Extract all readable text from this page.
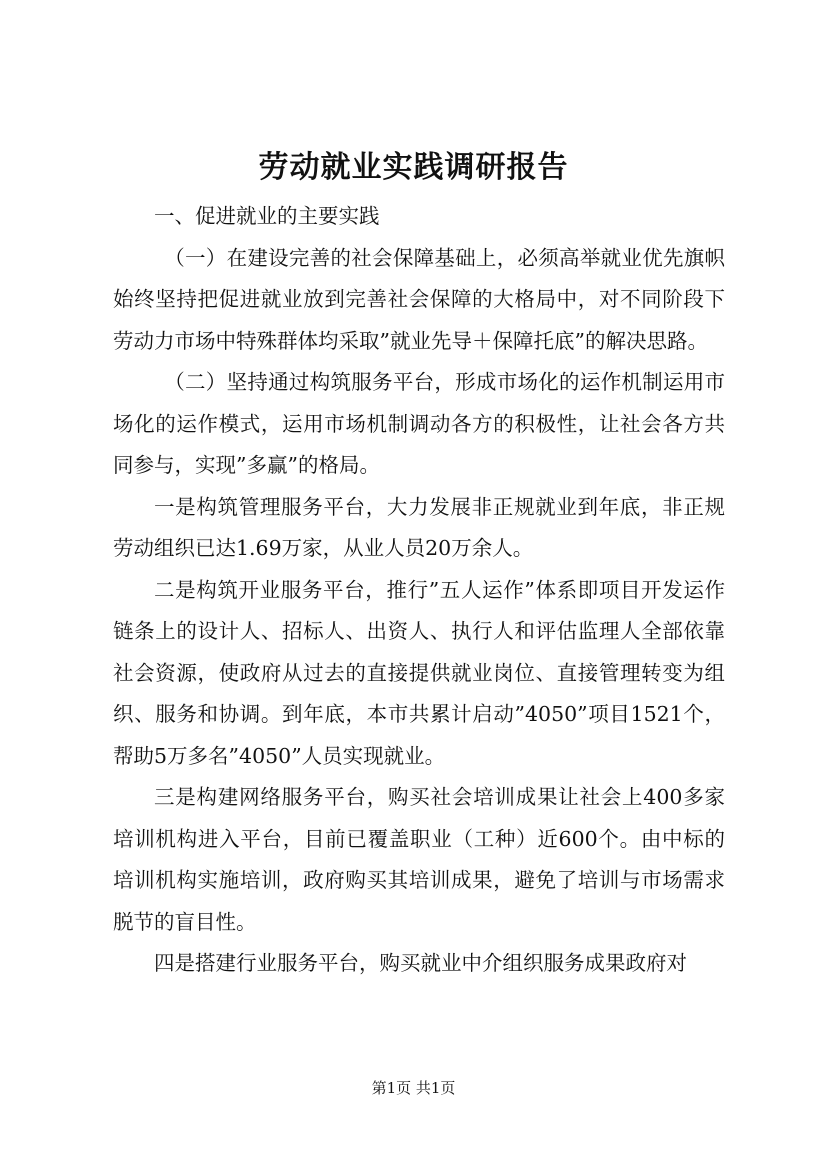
劳动就业实践调研报告

一、促进就业的主要实践

（一）在建设完善的社会保障基础上，必须高举就业优先旗帜始终坚持把促进就业放到完善社会保障的大格局中，对不同阶段下劳动力市场中特殊群体均采取”就业先导＋保障托底”的解决思路。

（二）坚持通过构筑服务平台，形成市场化的运作机制运用市场化的运作模式，运用市场机制调动各方的积极性，让社会各方共同参与，实现”多赢”的格局。

一是构筑管理服务平台，大力发展非正规就业到年底，非正规劳动组织已达1.69万家，从业人员20万余人。

二是构筑开业服务平台，推行”五人运作”体系即项目开发运作链条上的设计人、招标人、出资人、执行人和评估监理人全部依靠社会资源，使政府从过去的直接提供就业岗位、直接管理转变为组织、服务和协调。到年底，本市共累计启动”4050”项目1521个，帮助5万多名”4050”人员实现就业。

三是构建网络服务平台，购买社会培训成果让社会上400多家培训机构进入平台，目前已覆盖职业（工种）近600个。由中标的培训机构实施培训，政府购买其培训成果，避免了培训与市场需求脱节的盲目性。

四是搭建行业服务平台，购买就业中介组织服务成果政府对

第1页 共1页
